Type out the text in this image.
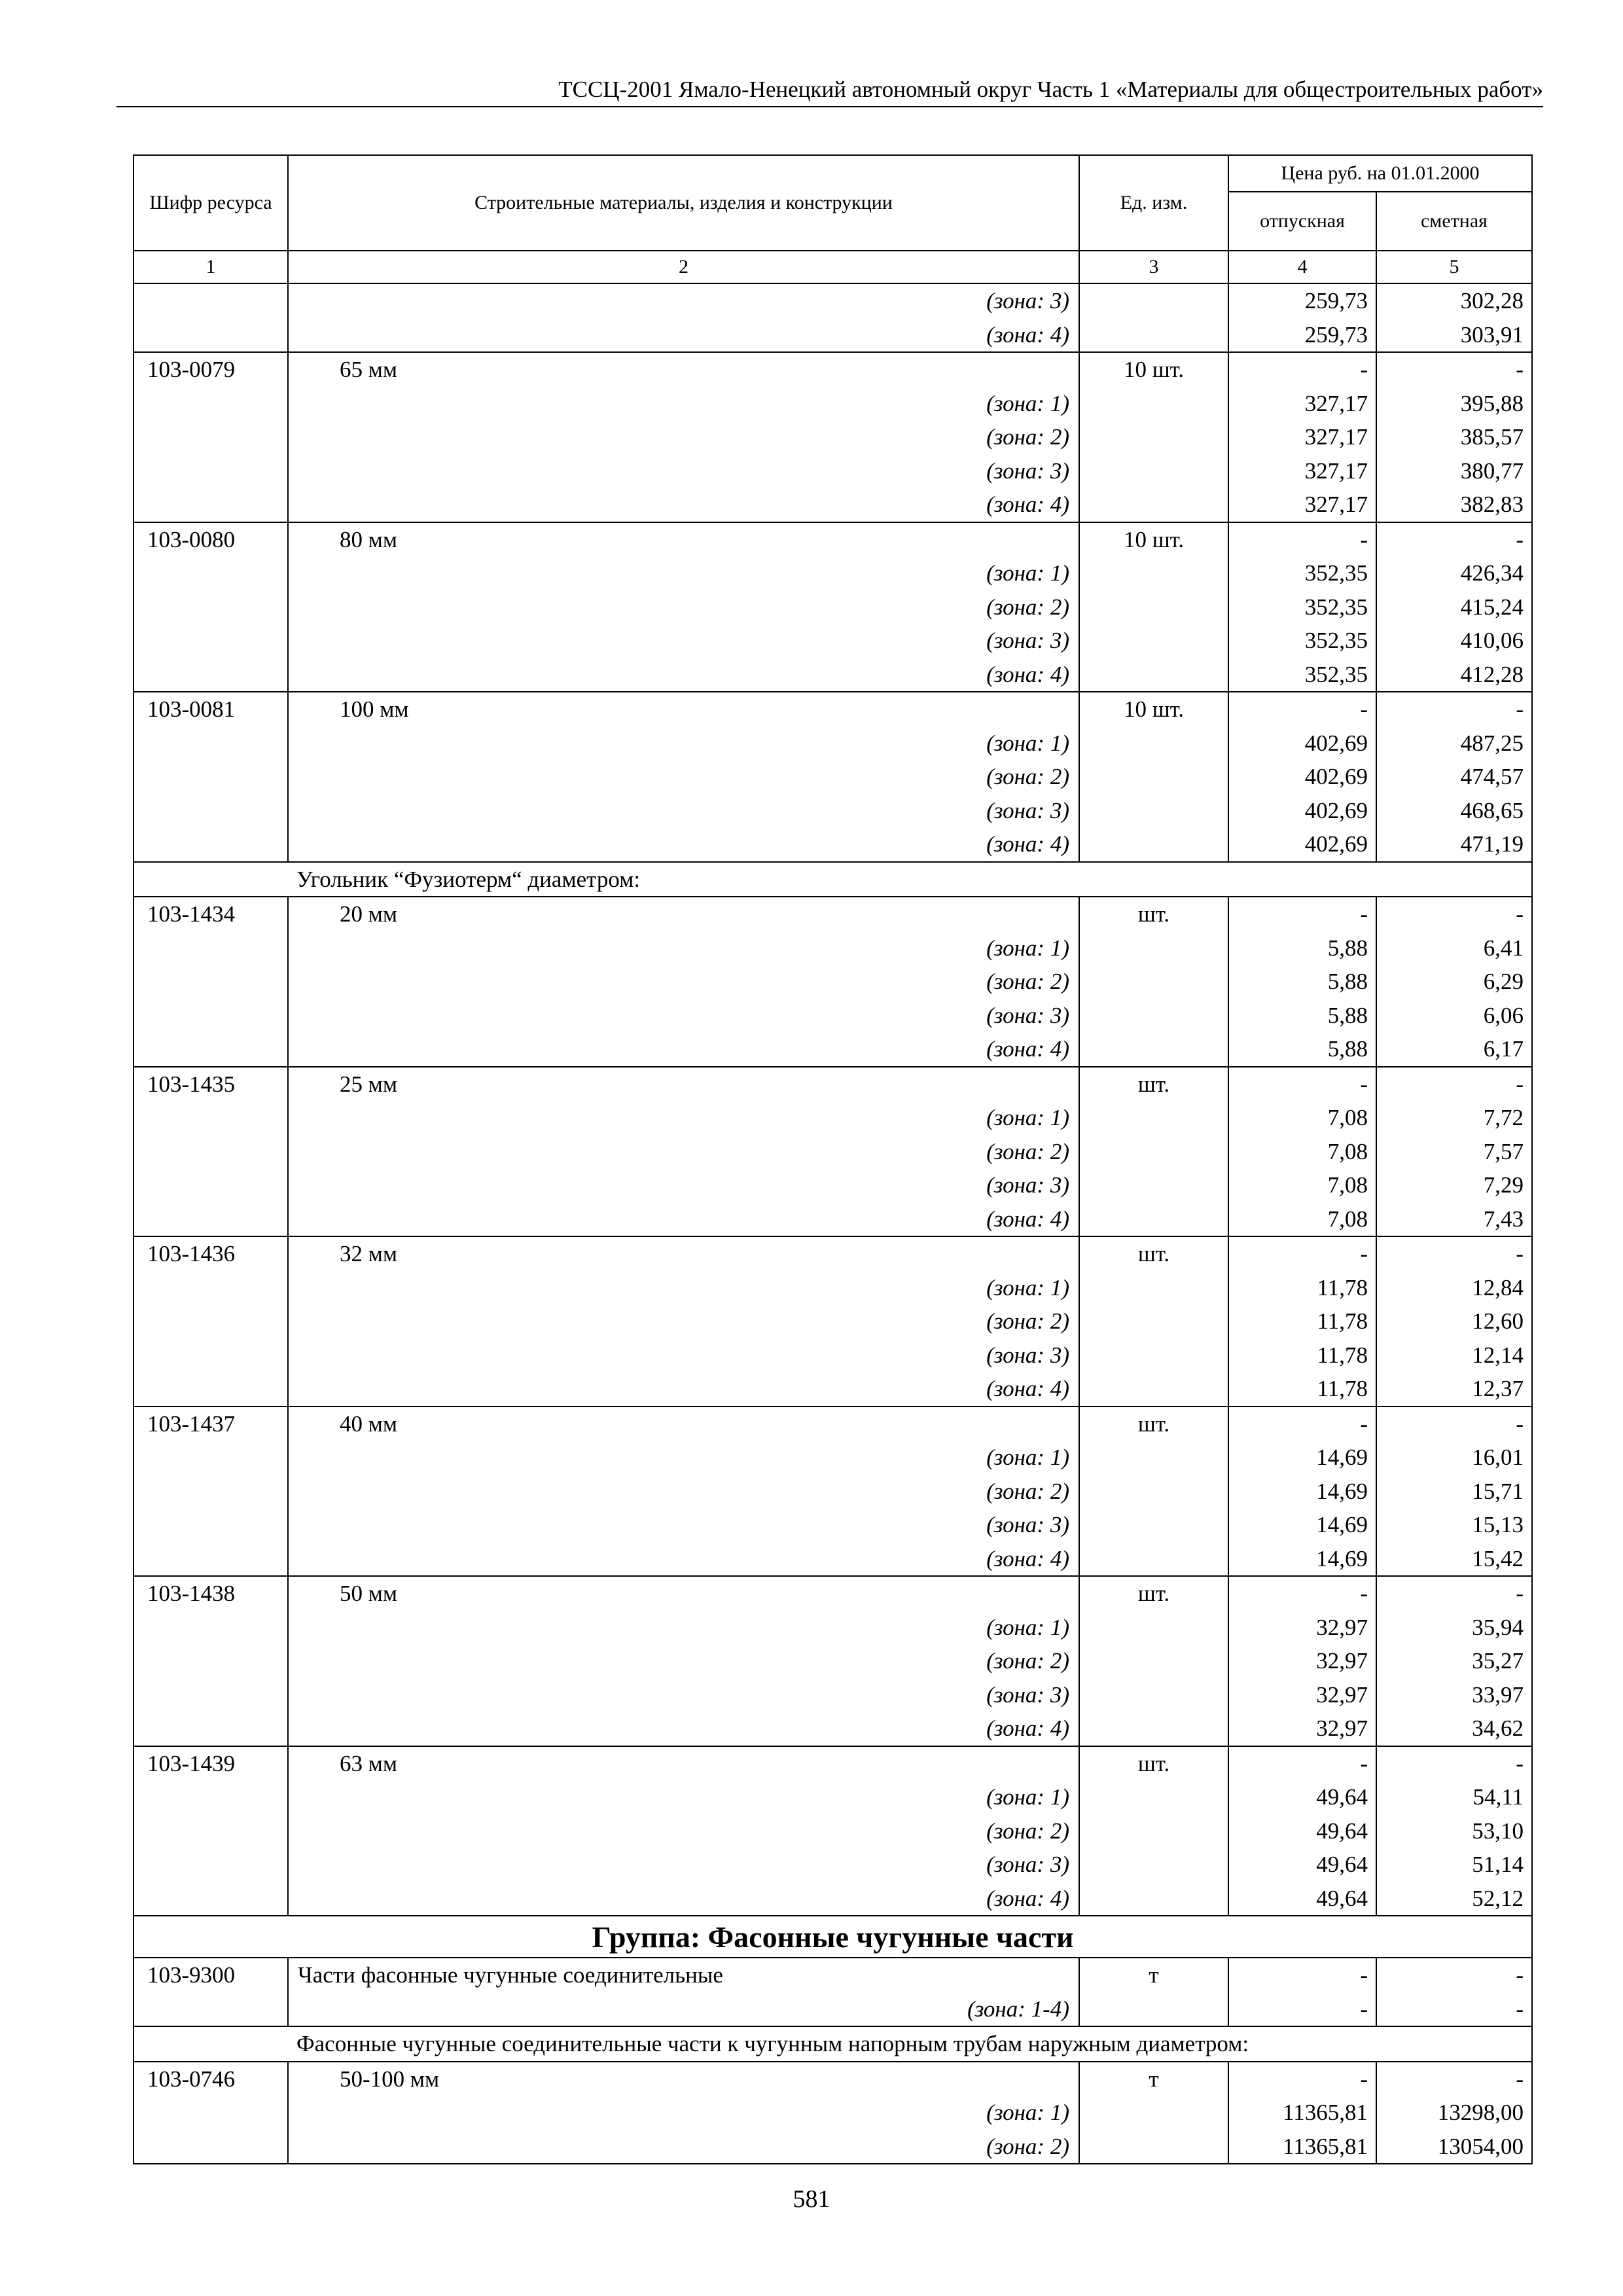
ТССЦ-2001 Ямало-Ненецкий автономный округ Часть 1 «Материалы для общестроительных работ»
Шифр ресурса	Строительные материалы, изделия и конструкции	Ед. изм.	Цена руб. на 01.01.2000	
			отпускная	сметная
1	2	3	4	5
	(зона: 3)		259,73	302,28
	(зона: 4)		259,73	303,91
103-0079	65 мм	10 шт.	-	-
	(зона: 1)		327,17	395,88
	(зона: 2)		327,17	385,57
	(зона: 3)		327,17	380,77
	(зона: 4)		327,17	382,83
103-0080	80 мм	10 шт.	-	-
	(зона: 1)		352,35	426,34
	(зона: 2)		352,35	415,24
	(зона: 3)		352,35	410,06
	(зона: 4)		352,35	412,28
103-0081	100 мм	10 шт.	-	-
	(зона: 1)		402,69	487,25
	(зона: 2)		402,69	474,57
	(зона: 3)		402,69	468,65
	(зона: 4)		402,69	471,19
Угольник “Фузиотерм“ диаметром:				
103-1434	20 мм	шт.	-	-
	(зона: 1)		5,88	6,41
	(зона: 2)		5,88	6,29
	(зона: 3)		5,88	6,06
	(зона: 4)		5,88	6,17
103-1435	25 мм	шт.	-	-
	(зона: 1)		7,08	7,72
	(зона: 2)		7,08	7,57
	(зона: 3)		7,08	7,29
	(зона: 4)		7,08	7,43
103-1436	32 мм	шт.	-	-
	(зона: 1)		11,78	12,84
	(зона: 2)		11,78	12,60
	(зона: 3)		11,78	12,14
	(зона: 4)		11,78	12,37
103-1437	40 мм	шт.	-	-
	(зона: 1)		14,69	16,01
	(зона: 2)		14,69	15,71
	(зона: 3)		14,69	15,13
	(зона: 4)		14,69	15,42
103-1438	50 мм	шт.	-	-
	(зона: 1)		32,97	35,94
	(зона: 2)		32,97	35,27
	(зона: 3)		32,97	33,97
	(зона: 4)		32,97	34,62
103-1439	63 мм	шт.	-	-
	(зона: 1)		49,64	54,11
	(зона: 2)		49,64	53,10
	(зона: 3)		49,64	51,14
	(зона: 4)		49,64	52,12
Группа: Фасонные чугунные части				
103-9300	Части фасонные чугунные соединительные	т	-	-
	(зона: 1-4)		-	-
Фасонные чугунные соединительные части к чугунным напорным трубам наружным диаметром:				
103-0746	50-100 мм	т	-	-
	(зона: 1)		11365,81	13298,00
	(зона: 2)		11365,81	13054,00
581
